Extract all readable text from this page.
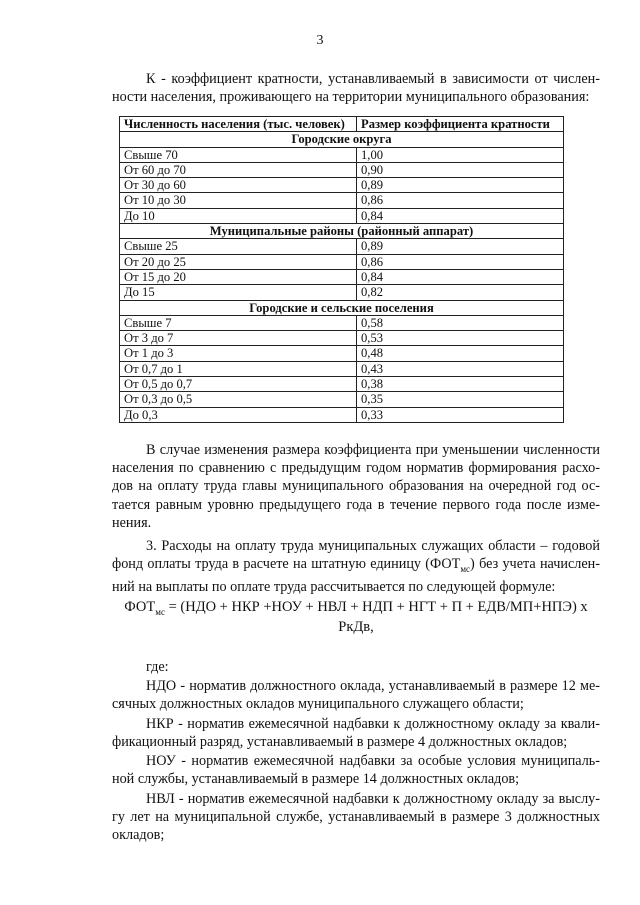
3
К - коэффициент кратности, устанавливаемый в зависимости от числен-
ности населения, проживающего на территории муниципального образования:
Численность населения (тыс. человек)	Размер коэффициента кратности
Городские округа	
Свыше 70	1,00
От 60 до 70	0,90
От 30 до 60	0,89
От 10 до 30	0,86
До 10	0,84
Муниципальные районы (районный аппарат)	
Свыше 25	0,89
От 20 до 25	0,86
От 15 до 20	0,84
До 15	0,82
Городские и сельские поселения	
Свыше 7	0,58
От 3 до 7	0,53
От 1 до 3	0,48
От 0,7 до 1	0,43
От 0,5 до 0,7	0,38
От 0,3 до 0,5	0,35
До 0,3	0,33
В случае изменения размера коэффициента при уменьшении численности
населения по сравнению с предыдущим годом норматив формирования расхо-
дов на оплату труда главы муниципального образования на очередной год ос-
тается равным уровню предыдущего года в течение первого года после изме-
нения.
3. Расходы на оплату труда муниципальных служащих области – годовой
фонд оплаты труда в расчете на штатную единицу $(ФОТ_{мс})$ без учета начислен-
ний на выплаты по оплате труда рассчитывается по следующей формуле:
$ФОТ_{мс} = (НДО$ + НКР +НОУ + НВЛ + НДП + НГТ + П + ЕДВ/МП+НПЭ) х
РкДв,
где:
НДО - норматив должностного оклада, устанавливаемый в размере 12 ме-
сячных должностных окладов муниципального служащего области;
НКР - норматив ежемесячной надбавки к должностному окладу за квали-
фикационный разряд, устанавливаемый в размере 4 должностных окладов;
НОУ - норматив ежемесячной надбавки за особые условия муниципаль-
ной службы, устанавливаемый в размере 14 должностных окладов;
НВЛ - норматив ежемесячной надбавки к должностному окладу за выслу-
гу лет на муниципальной службе, устанавливаемый в размере 3 должностных
окладов;
